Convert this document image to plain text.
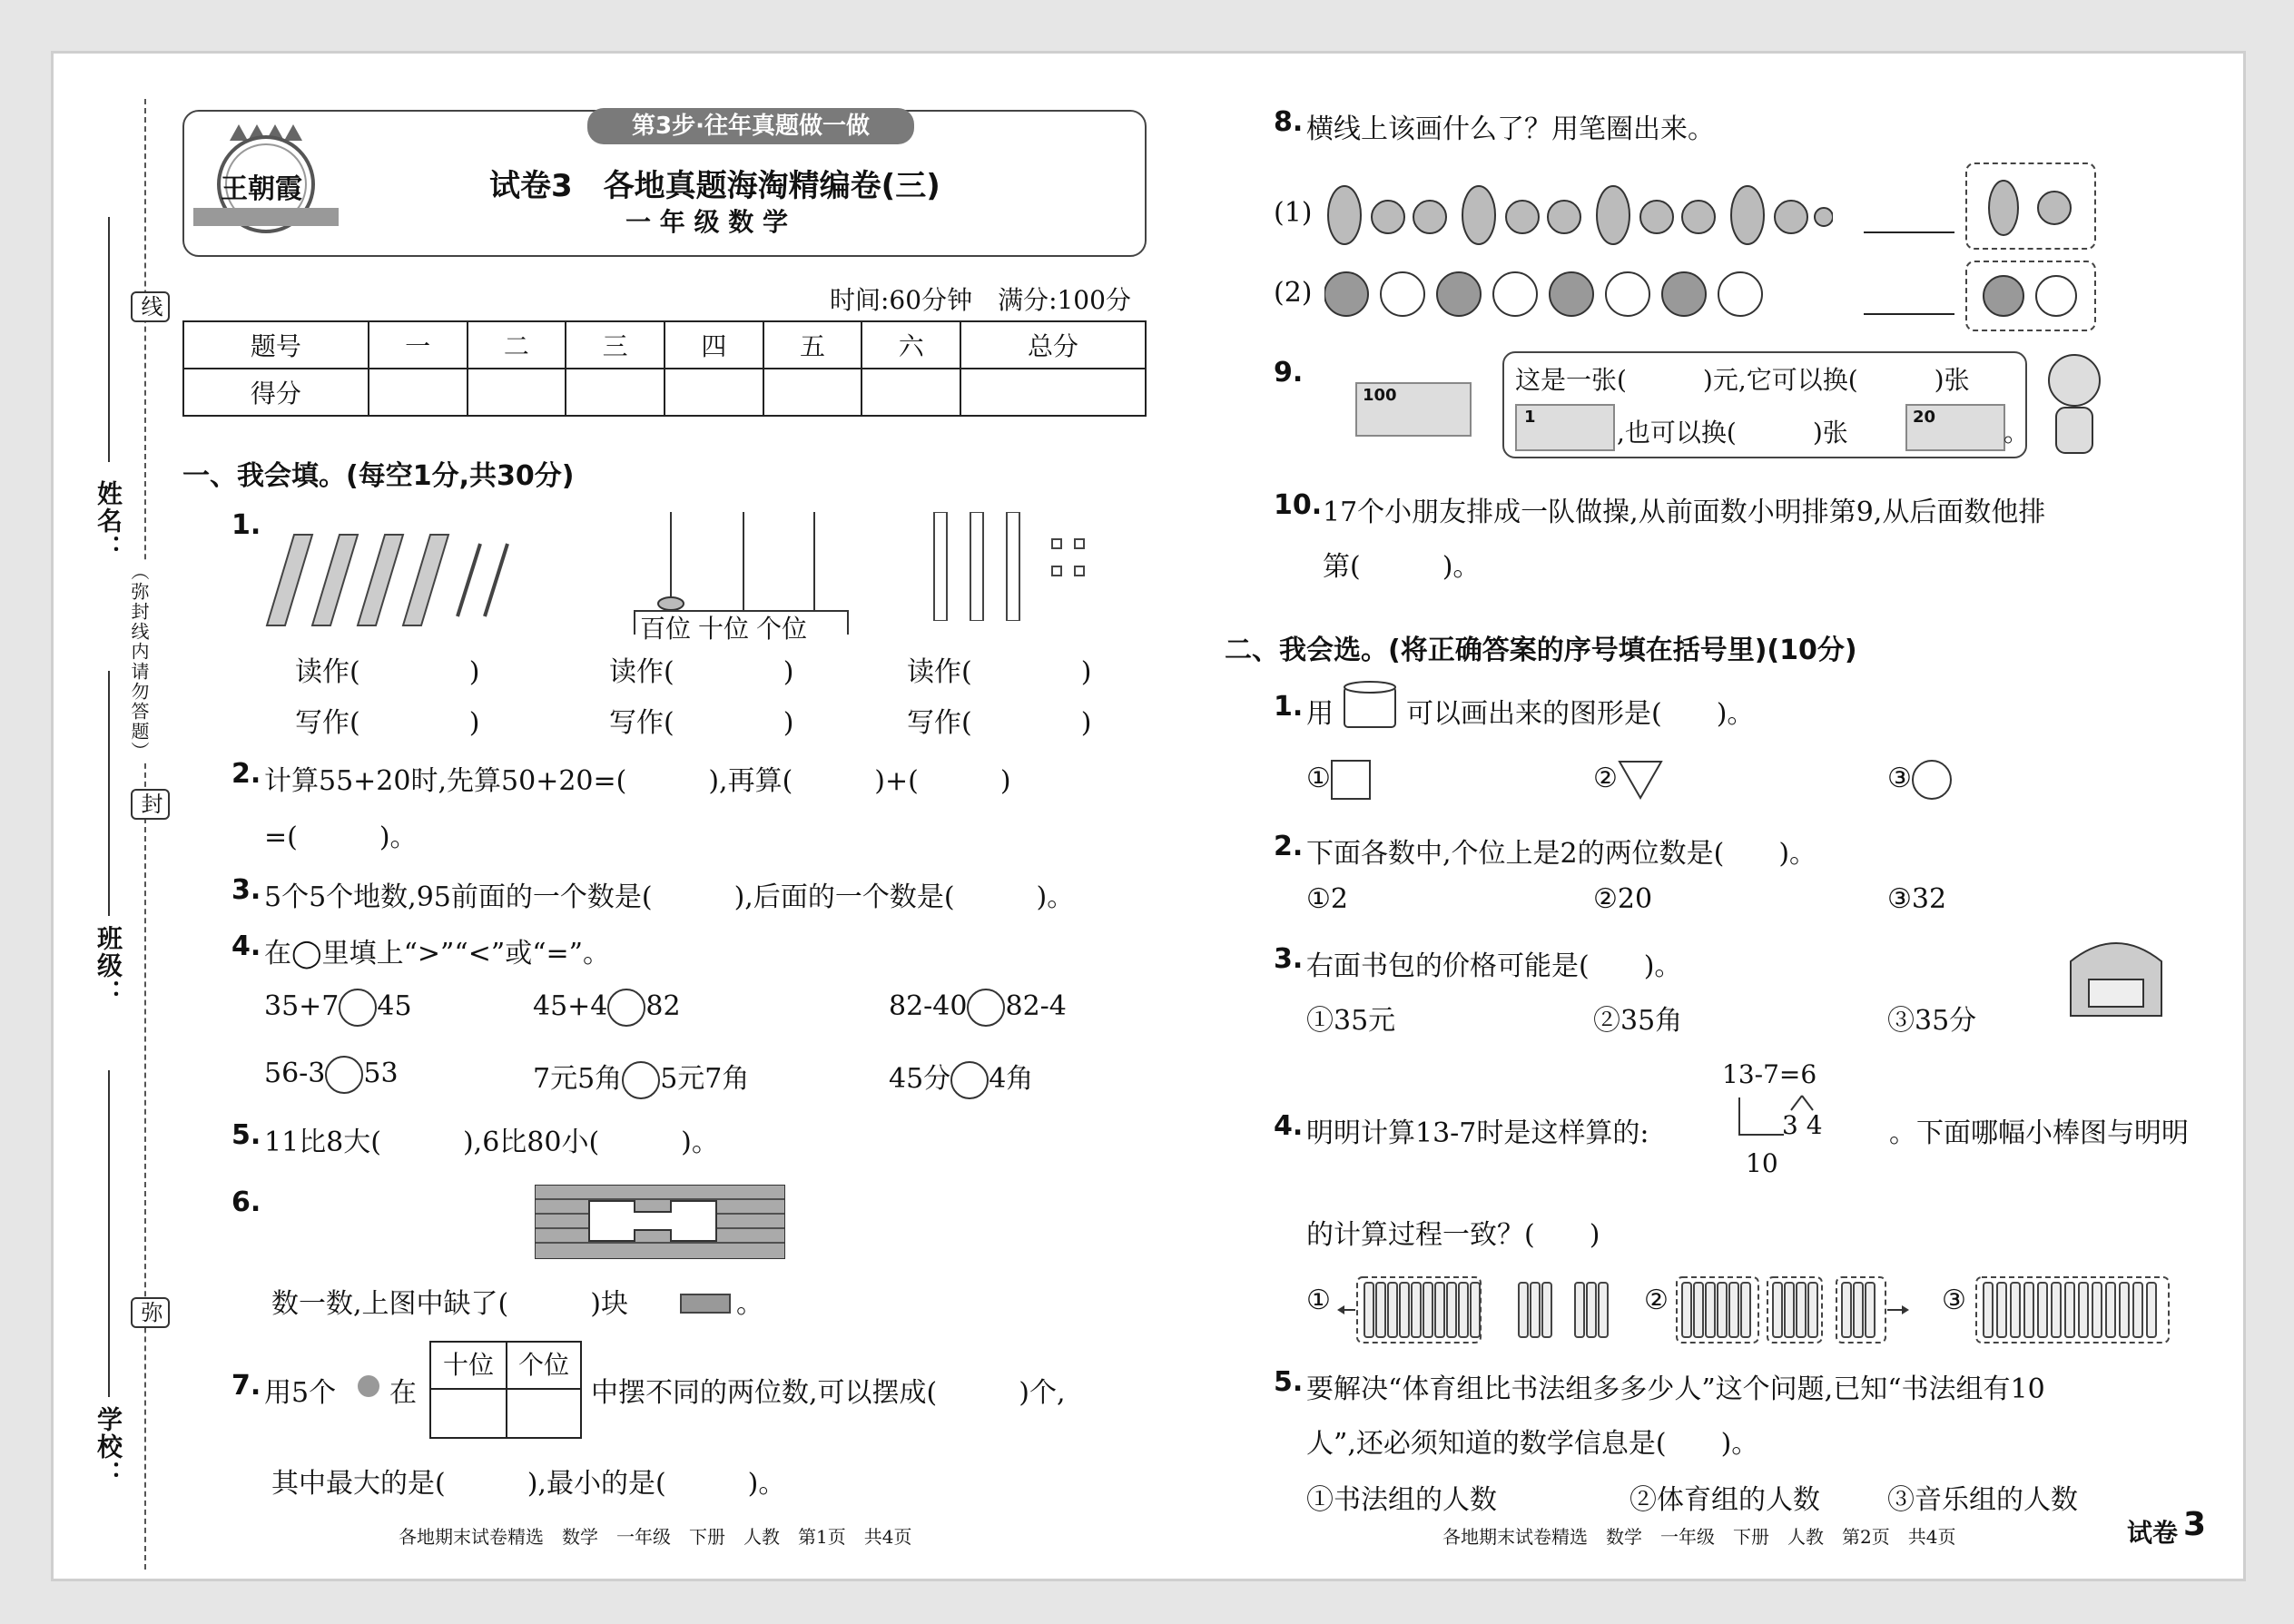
线
姓名：
（弥封线内请勿答题）
封
班级：
弥
学校：
王朝霞
第3步·往年真题做一做
试卷3　各地真题海淘精编卷(三)
一 年 级 数 学
时间:60分钟　满分:100分
题号	一	二	三	四	五	六	总分
得分							
一、我会填。(每空1分,共30分)
1.
百位 十位 个位
读作(　　　　)	读作(　　　　)	读作(　　　　)
写作(　　　　)	写作(　　　　)	写作(　　　　)
2. 计算55+20时,先算50+20=(　　　),再算(　　　)+(　　　)
=(　　　)。
3. 5个5个地数,95前面的一个数是(　　　),后面的一个数是(　　　)。
4. 在◯里填上“>”“<”或“=”。
35+7 45	45+4 82	82-40 82-4
56-3 53	7元5角 5元7角	45分 4角
5. 11比8大(　　　),6比80小(　　　)。
6.
数一数,上图中缺了(　　　)块	。
7. 用5个 在
十位 个位
中摆不同的两位数,可以摆成(　　　)个,
其中最大的是(　　　),最小的是(　　　)。
各地期末试卷精选　数学　一年级　下册　人教　第1页　共4页
8. 横线上该画什么了？用笔圈出来。
(1)
(2)
9.
100
这是一张(　　　)元,它可以换(　　　)张
1
,也可以换(　　　)张
20
。
10. 17个小朋友排成一队做操,从前面数小明排第9,从后面数他排
第(　　　)。
二、我会选。(将正确答案的序号填在括号里)(10分)
1. 用	可以画出来的图形是(　　)。
①	②	③
2. 下面各数中,个位上是2的两位数是(　　)。
①2	②20	③32
3. 右面书包的价格可能是(　　)。
①35元	②35角	③35分
13-7=6
3 4
10
4. 明明计算13-7时是这样算的:	。下面哪幅小棒图与明明
的计算过程一致？(　　)
①	②	③
5. 要解决“体育组比书法组多多少人”这个问题,已知“书法组有10
人”,还必须知道的数学信息是(　　)。
①书法组的人数	②体育组的人数 ③音乐组的人数
各地期末试卷精选　数学　一年级　下册　人教　第2页　共4页	试卷 3
